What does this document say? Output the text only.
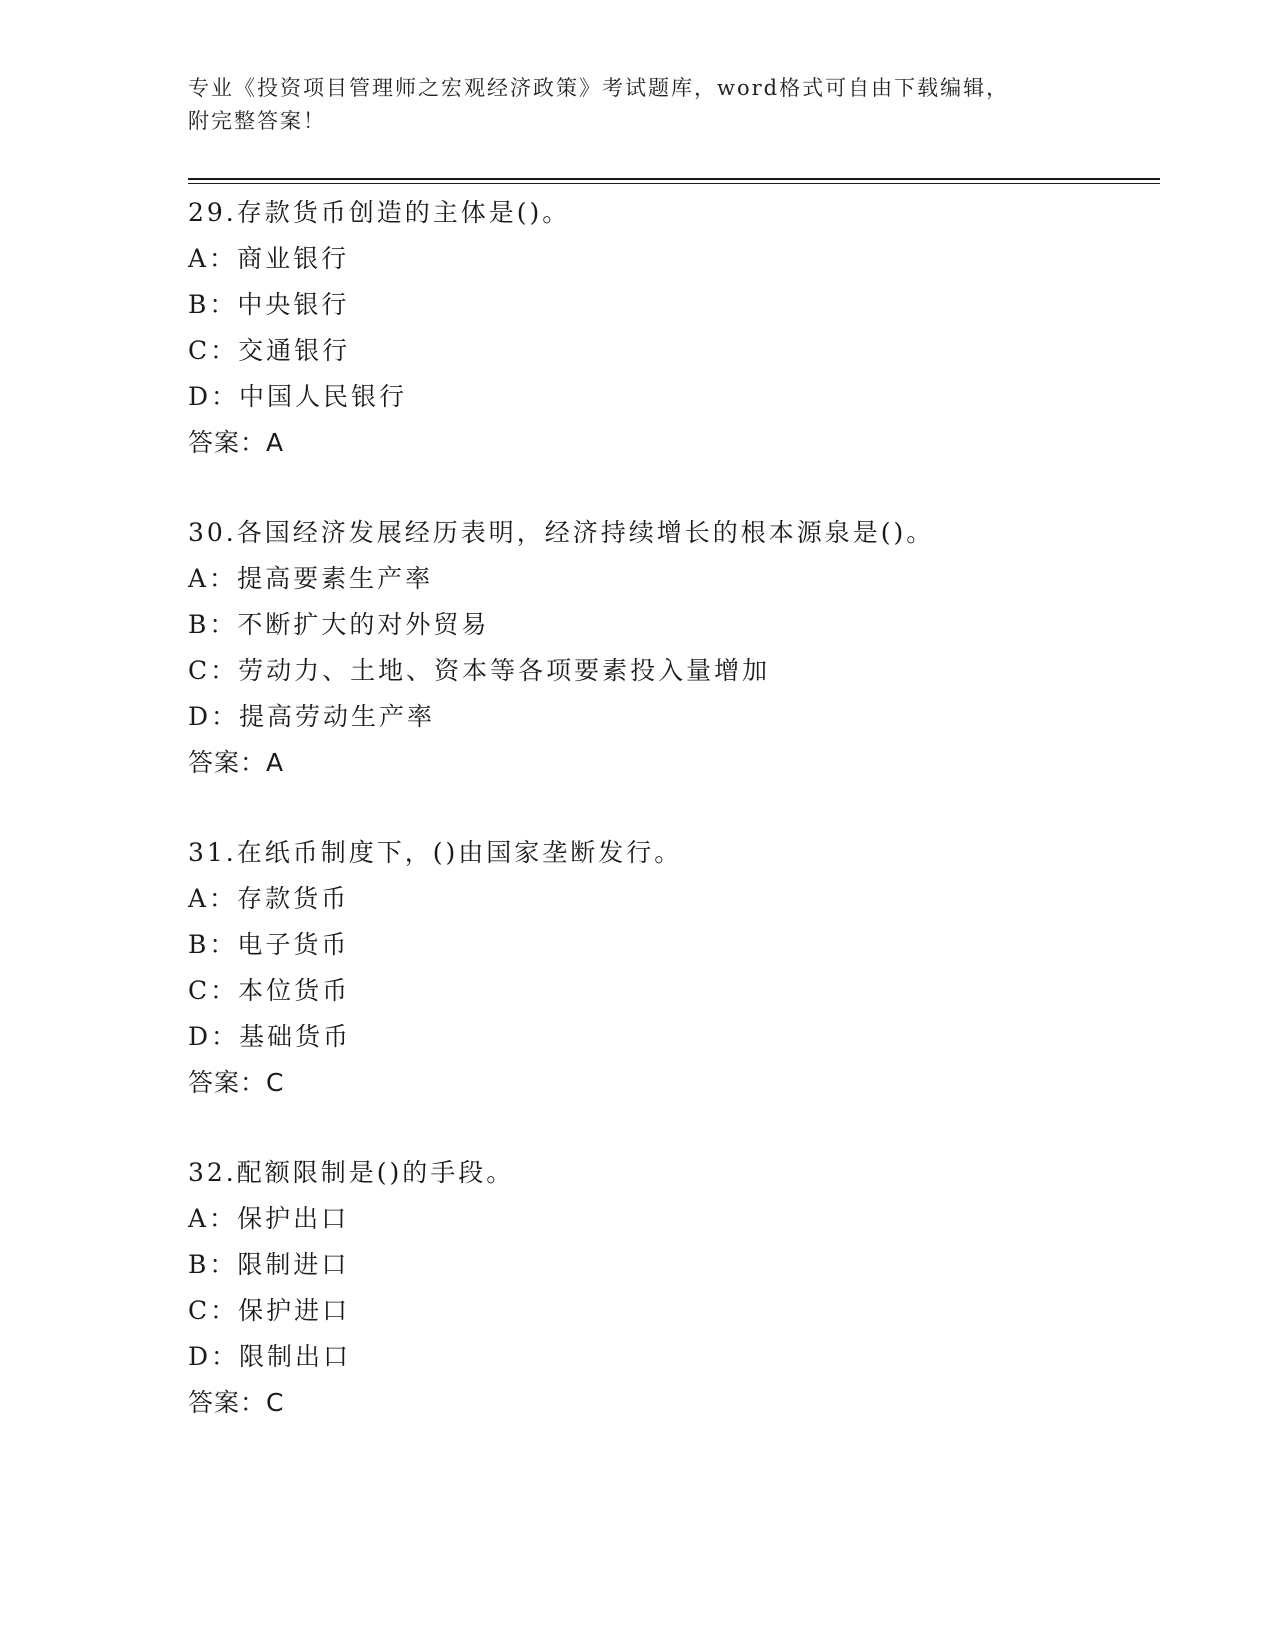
专业《投资项目管理师之宏观经济政策》考试题库，word格式可自由下载编辑，
附完整答案！
29.存款货币创造的主体是()。
A：商业银行
B：中央银行
C：交通银行
D：中国人民银行
答案：A
30.各国经济发展经历表明，经济持续增长的根本源泉是()。
A：提高要素生产率
B：不断扩大的对外贸易
C：劳动力、土地、资本等各项要素投入量增加
D：提高劳动生产率
答案：A
31.在纸币制度下，()由国家垄断发行。
A：存款货币
B：电子货币
C：本位货币
D：基础货币
答案：C
32.配额限制是()的手段。
A：保护出口
B：限制进口
C：保护进口
D：限制出口
答案：C
